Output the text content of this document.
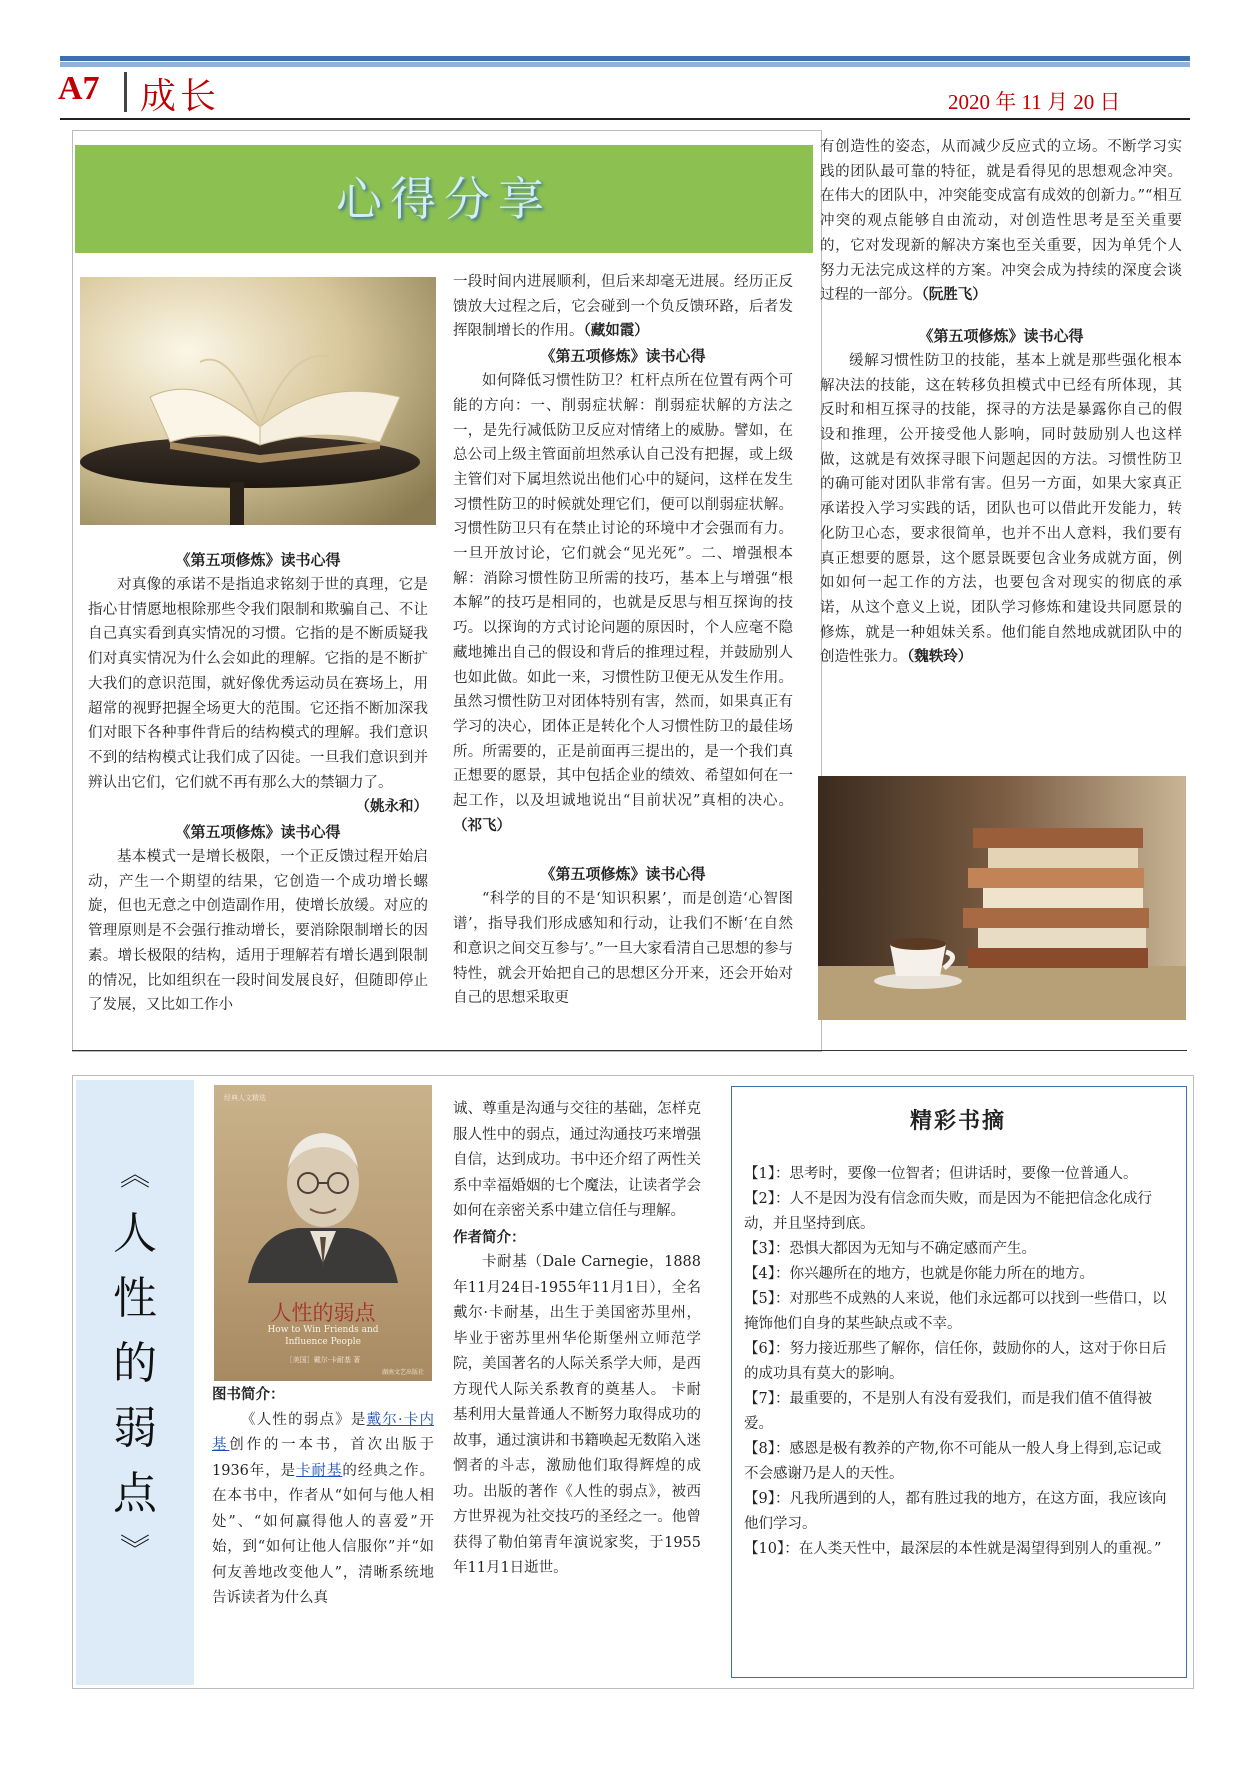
A7 成长	2020 年 11 月 20 日
心得分享

《第五项修炼》读书心得

对真像的承诺不是指追求铭刻于世的真理，它是指心甘情愿地根除那些令我们限制和欺骗自己、不让自己真实看到真实情况的习惯。它指的是不断质疑我们对真实情况为什么会如此的理解。它指的是不断扩大我们的意识范围，就好像优秀运动员在赛场上，用超常的视野把握全场更大的范围。它还指不断加深我们对眼下各种事件背后的结构模式的理解。我们意识不到的结构模式让我们成了囚徒。一旦我们意识到并辨认出它们，它们就不再有那么大的禁锢力了。

（姚永和）

《第五项修炼》读书心得

基本模式一是增长极限，一个正反馈过程开始启动，产生一个期望的结果，它创造一个成功增长螺旋，但也无意之中创造副作用，使增长放缓。对应的管理原则是不会强行推动增长，要消除限制增长的因素。增长极限的结构，适用于理解若有增长遇到限制的情况，比如组织在一段时间发展良好，但随即停止了发展，又比如工作小

一段时间内进展顺利，但后来却毫无进展。经历正反馈放大过程之后，它会碰到一个负反馈环路，后者发挥限制增长的作用。（藏如霞）

《第五项修炼》读书心得

如何降低习惯性防卫？杠杆点所在位置有两个可能的方向：一、削弱症状解：削弱症状解的方法之一，是先行减低防卫反应对情绪上的威胁。譬如，在总公司上级主管面前坦然承认自己没有把握，或上级主管们对下属坦然说出他们心中的疑问，这样在发生习惯性防卫的时候就处理它们，便可以削弱症状解。习惯性防卫只有在禁止讨论的环境中才会强而有力。一旦开放讨论，它们就会“见光死”。二、增强根本解：消除习惯性防卫所需的技巧，基本上与增强“根本解”的技巧是相同的，也就是反思与相互探询的技巧。以探询的方式讨论问题的原因时，个人应毫不隐藏地摊出自己的假设和背后的推理过程，并鼓励别人也如此做。如此一来，习惯性防卫便无从发生作用。虽然习惯性防卫对团体特别有害，然而，如果真正有学习的决心，团体正是转化个人习惯性防卫的最佳场所。所需要的，正是前面再三提出的，是一个我们真正想要的愿景，其中包括企业的绩效、希望如何在一起工作，以及坦诚地说出“目前状况”真相的决心。（祁飞）

《第五项修炼》读书心得

“科学的目的不是‘知识积累’，而是创造‘心智图谱’，指导我们形成感知和行动，让我们不断‘在自然和意识之间交互参与’。”一旦大家看清自己思想的参与特性，就会开始把自己的思想区分开来，还会开始对自己的思想采取更

有创造性的姿态，从而减少反应式的立场。不断学习实践的团队最可靠的特征，就是看得见的思想观念冲突。在伟大的团队中，冲突能变成富有成效的创新力。”“相互冲突的观点能够自由流动，对创造性思考是至关重要的，它对发现新的解决方案也至关重要，因为单凭个人努力无法完成这样的方案。冲突会成为持续的深度会谈过程的一部分。（阮胜飞）

《第五项修炼》读书心得

缓解习惯性防卫的技能，基本上就是那些强化根本解决法的技能，这在转移负担模式中已经有所体现，其反时和相互探寻的技能，探寻的方法是暴露你自己的假设和推理，公开接受他人影响，同时鼓励别人也这样做，这就是有效探寻眼下问题起因的方法。习惯性防卫的确可能对团队非常有害。但另一方面，如果大家真正承诺投入学习实践的话，团队也可以借此开发能力，转化防卫心态，要求很简单，也并不出人意料，我们要有真正想要的愿景，这个愿景既要包含业务成就方面，例如如何一起工作的方法，也要包含对现实的彻底的承诺，从这个意义上说，团队学习修炼和建设共同愿景的修炼，就是一种姐妹关系。他们能自然地成就团队中的创造性张力。（魏轶玲）

︽
人
性
的
弱
点
︾
经典人文精选
人性的弱点
How to Win Friends and
Influence People
［美国］戴尔·卡耐基 著
湖南文艺出版社

图书简介：

《人性的弱点》是戴尔·卡内基创作的一本书，首次出版于1936年，是卡耐基的经典之作。在本书中，作者从“如何与他人相处”、“如何赢得他人的喜爱”开始，到“如何让他人信服你”并“如何友善地改变他人”，清晰系统地告诉读者为什么真

诚、尊重是沟通与交往的基础，怎样克服人性中的弱点，通过沟通技巧来增强自信，达到成功。书中还介绍了两性关系中幸福婚姻的七个魔法，让读者学会如何在亲密关系中建立信任与理解。

作者简介：

卡耐基（Dale Carnegie，1888年11月24日-1955年11月1日），全名戴尔·卡耐基，出生于美国密苏里州，毕业于密苏里州华伦斯堡州立师范学院，美国著名的人际关系学大师，是西方现代人际关系教育的奠基人。 卡耐基利用大量普通人不断努力取得成功的故事，通过演讲和书籍唤起无数陷入迷惘者的斗志，激励他们取得辉煌的成功。出版的著作《人性的弱点》，被西方世界视为社交技巧的圣经之一。他曾获得了勒伯第青年演说家奖，于1955年11月1日逝世。

精彩书摘

【1】：思考时，要像一位智者；但讲话时，要像一位普通人。

【2】：人不是因为没有信念而失败，而是因为不能把信念化成行动，并且坚持到底。

【3】：恐惧大都因为无知与不确定感而产生。

【4】：你兴趣所在的地方，也就是你能力所在的地方。

【5】：对那些不成熟的人来说，他们永远都可以找到一些借口，以掩饰他们自身的某些缺点或不幸。

【6】：努力接近那些了解你，信任你，鼓励你的人，这对于你日后的成功具有莫大的影响。

【7】：最重要的，不是别人有没有爱我们，而是我们值不值得被爱。

【8】：感恩是极有教养的产物,你不可能从一般人身上得到,忘记或不会感谢乃是人的天性。

【9】：凡我所遇到的人，都有胜过我的地方，在这方面，我应该向他们学习。

【10】：在人类天性中，最深层的本性就是渴望得到别人的重视。”
